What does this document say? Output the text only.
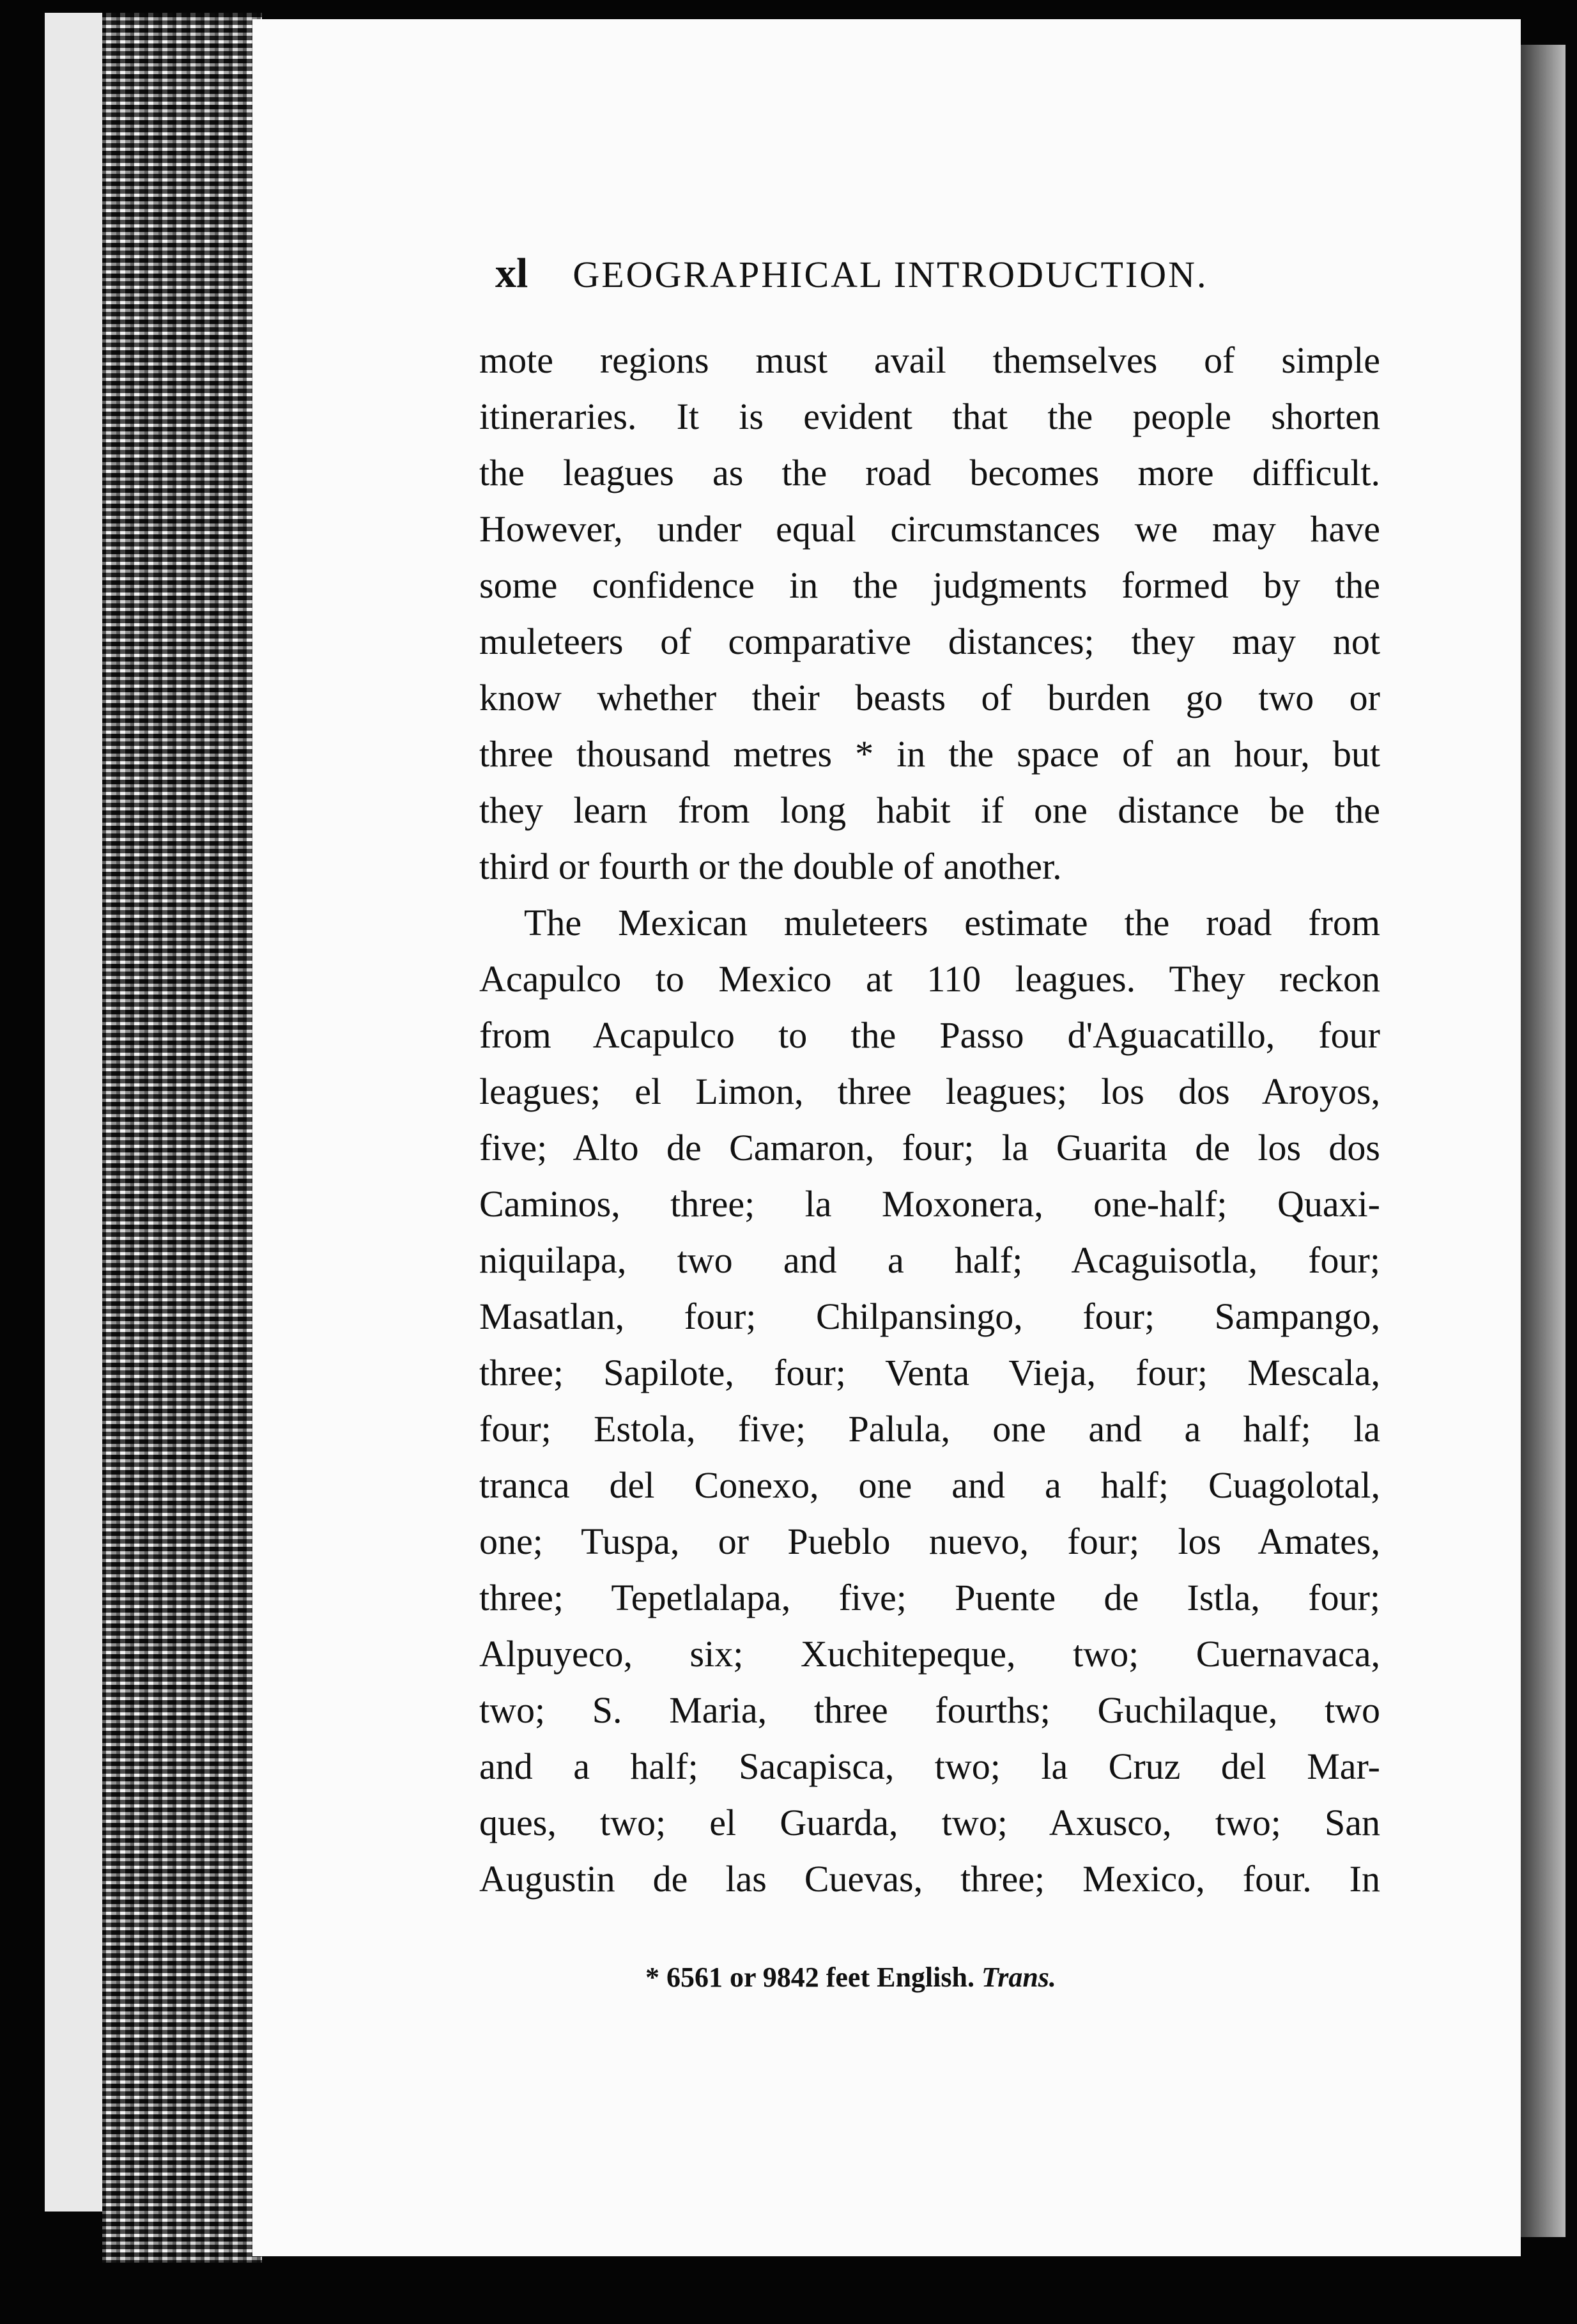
xl GEOGRAPHICAL INTRODUCTION.
mote regions must avail themselves of simple
itineraries. It is evident that the people shorten
the leagues as the road becomes more difficult.
However, under equal circumstances we may have
some confidence in the judgments formed by the
muleteers of comparative distances; they may not
know whether their beasts of burden go two or
three thousand metres * in the space of an hour, but
they learn from long habit if one distance be the
third or fourth or the double of another.
The Mexican muleteers estimate the road from
Acapulco to Mexico at 110 leagues. They reckon
from Acapulco to the Passo d'Aguacatillo, four
leagues; el Limon, three leagues; los dos Aroyos,
five; Alto de Camaron, four; la Guarita de los dos
Caminos, three; la Moxonera, one-half; Quaxi-
niquilapa, two and a half; Acaguisotla, four;
Masatlan, four; Chilpansingo, four; Sampango,
three; Sapilote, four; Venta Vieja, four; Mescala,
four; Estola, five; Palula, one and a half; la
tranca del Conexo, one and a half; Cuagolotal,
one; Tuspa, or Pueblo nuevo, four; los Amates,
three; Tepetlalapa, five; Puente de Istla, four;
Alpuyeco, six; Xuchitepeque, two; Cuernavaca,
two; S. Maria, three fourths; Guchilaque, two
and a half; Sacapisca, two; la Cruz del Mar-
ques, two; el Guarda, two; Axusco, two; San
Augustin de las Cuevas, three; Mexico, four. In
* 6561 or 9842 feet English. Trans.
